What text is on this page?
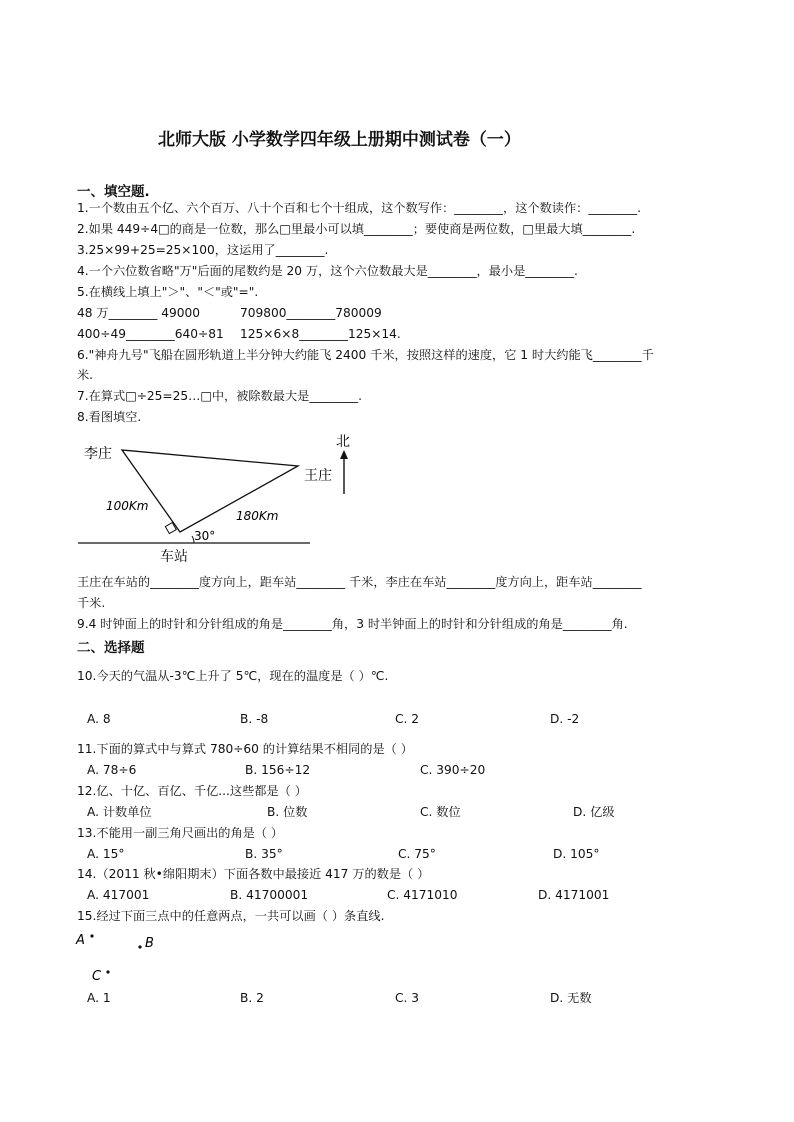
北师大版 小学数学四年级上册期中测试卷（一）
一、填空题.
1.一个数由五个亿、六个百万、八十个百和七个十组成，这个数写作：________，这个数读作：________.
2.如果 449÷4□的商是一位数，那么□里最小可以填________；要使商是两位数，□里最大填________.
3.25×99+25=25×100，这运用了________.
4.一个六位数省略"万"后面的尾数约是 20 万，这个六位数最大是________，最小是________.
5.在横线上填上"＞"、"＜"或"=".
48 万________ 49000	709800________780009
400÷49________640÷81 125×6×8________125×14.
6."神舟九号"飞船在圆形轨道上半分钟大约能飞 2400 千米，按照这样的速度，它 1 时大约能飞________千
米.
7.在算式□÷25=25…□中，被除数最大是________.
8.看图填空.
北
李庄
王庄
车站
100Km
180Km
30°
王庄在车站的________度方向上，距车站________ 千米，李庄在车站________度方向上，距车站________
千米.
9.4 时钟面上的时针和分针组成的角是________角，3 时半钟面上的时针和分针组成的角是________角.
二、选择题
10.今天的气温从-3℃上升了 5℃，现在的温度是（ ）℃.
A. 8	B. -8	C. 2	D. -2
11.下面的算式中与算式 780÷60 的计算结果不相同的是（ ）
A. 78÷6	B. 156÷12	C. 390÷20
12.亿、十亿、百亿、千亿...这些都是（ ）
A. 计数单位	B. 位数	C. 数位	D. 亿级
13.不能用一副三角尺画出的角是（ ）
A. 15°	B. 35°	C. 75°	D. 105°
14.（2011 秋•绵阳期末）下面各数中最接近 417 万的数是（ ）
A. 417001	B. 41700001	C. 4171010	D. 4171001
15.经过下面三点中的任意两点，一共可以画（ ）条直线.
A	B
C
A. 1	B. 2	C. 3	D. 无数
